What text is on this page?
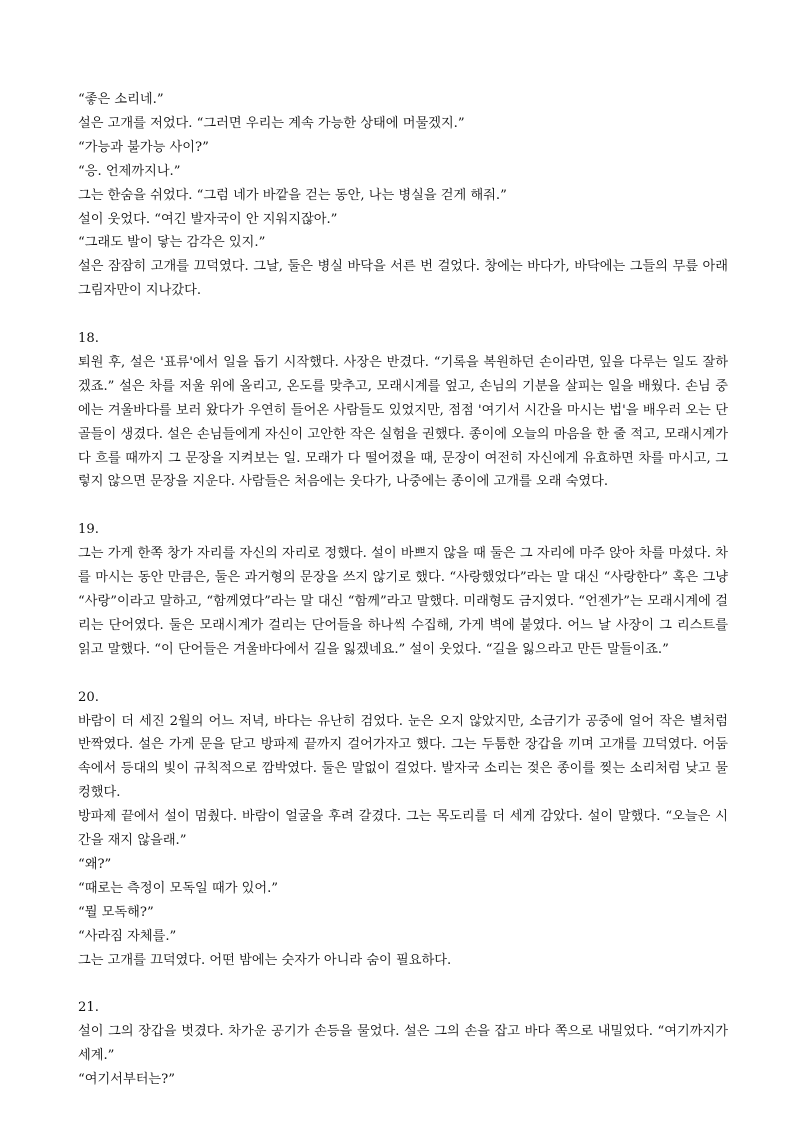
“좋은 소리네.”

설은 고개를 저었다. “그러면 우리는 계속 가능한 상태에 머물겠지.”

“가능과 불가능 사이?”

“응. 언제까지나.”

그는 한숨을 쉬었다. “그럼 네가 바깥을 걷는 동안, 나는 병실을 걷게 해줘.”

설이 웃었다. “여긴 발자국이 안 지워지잖아.”

“그래도 발이 닿는 감각은 있지.”

설은 잠잠히 고개를 끄덕였다. 그날, 둘은 병실 바닥을 서른 번 걸었다. 창에는 바다가, 바닥에는 그들의 무릎 아래 그림자만이 지나갔다.

18.

퇴원 후, 설은 '표류'에서 일을 돕기 시작했다. 사장은 반겼다. “기록을 복원하던 손이라면, 잎을 다루는 일도 잘하겠죠.” 설은 차를 저울 위에 올리고, 온도를 맞추고, 모래시계를 엎고, 손님의 기분을 살피는 일을 배웠다. 손님 중에는 겨울바다를 보러 왔다가 우연히 들어온 사람들도 있었지만, 점점 '여기서 시간을 마시는 법'을 배우러 오는 단골들이 생겼다. 설은 손님들에게 자신이 고안한 작은 실험을 권했다. 종이에 오늘의 마음을 한 줄 적고, 모래시계가 다 흐를 때까지 그 문장을 지켜보는 일. 모래가 다 떨어졌을 때, 문장이 여전히 자신에게 유효하면 차를 마시고, 그렇지 않으면 문장을 지운다. 사람들은 처음에는 웃다가, 나중에는 종이에 고개를 오래 숙였다.

19.

그는 가게 한쪽 창가 자리를 자신의 자리로 정했다. 설이 바쁘지 않을 때 둘은 그 자리에 마주 앉아 차를 마셨다. 차를 마시는 동안 만큼은, 둘은 과거형의 문장을 쓰지 않기로 했다. “사랑했었다”라는 말 대신 “사랑한다” 혹은 그냥 “사랑”이라고 말하고, “함께였다”라는 말 대신 “함께”라고 말했다. 미래형도 금지였다. “언젠가”는 모래시계에 걸리는 단어였다. 둘은 모래시계가 걸리는 단어들을 하나씩 수집해, 가게 벽에 붙였다. 어느 날 사장이 그 리스트를 읽고 말했다. “이 단어들은 겨울바다에서 길을 잃겠네요.” 설이 웃었다. “길을 잃으라고 만든 말들이죠.”

20.

바람이 더 세진 2월의 어느 저녁, 바다는 유난히 검었다. 눈은 오지 않았지만, 소금기가 공중에 얼어 작은 별처럼 반짝였다. 설은 가게 문을 닫고 방파제 끝까지 걸어가자고 했다. 그는 두툼한 장갑을 끼며 고개를 끄덕였다. 어둠 속에서 등대의 빛이 규칙적으로 깜박였다. 둘은 말없이 걸었다. 발자국 소리는 젖은 종이를 찢는 소리처럼 낮고 물컹했다.

방파제 끝에서 설이 멈췄다. 바람이 얼굴을 후려 갈겼다. 그는 목도리를 더 세게 감았다. 설이 말했다. “오늘은 시간을 재지 않을래.”

“왜?”

“때로는 측정이 모독일 때가 있어.”

“뭘 모독해?”

“사라짐 자체를.”

그는 고개를 끄덕였다. 어떤 밤에는 숫자가 아니라 숨이 필요하다.

21.

설이 그의 장갑을 벗겼다. 차가운 공기가 손등을 물었다. 설은 그의 손을 잡고 바다 쪽으로 내밀었다. “여기까지가 세계.”

“여기서부터는?”
